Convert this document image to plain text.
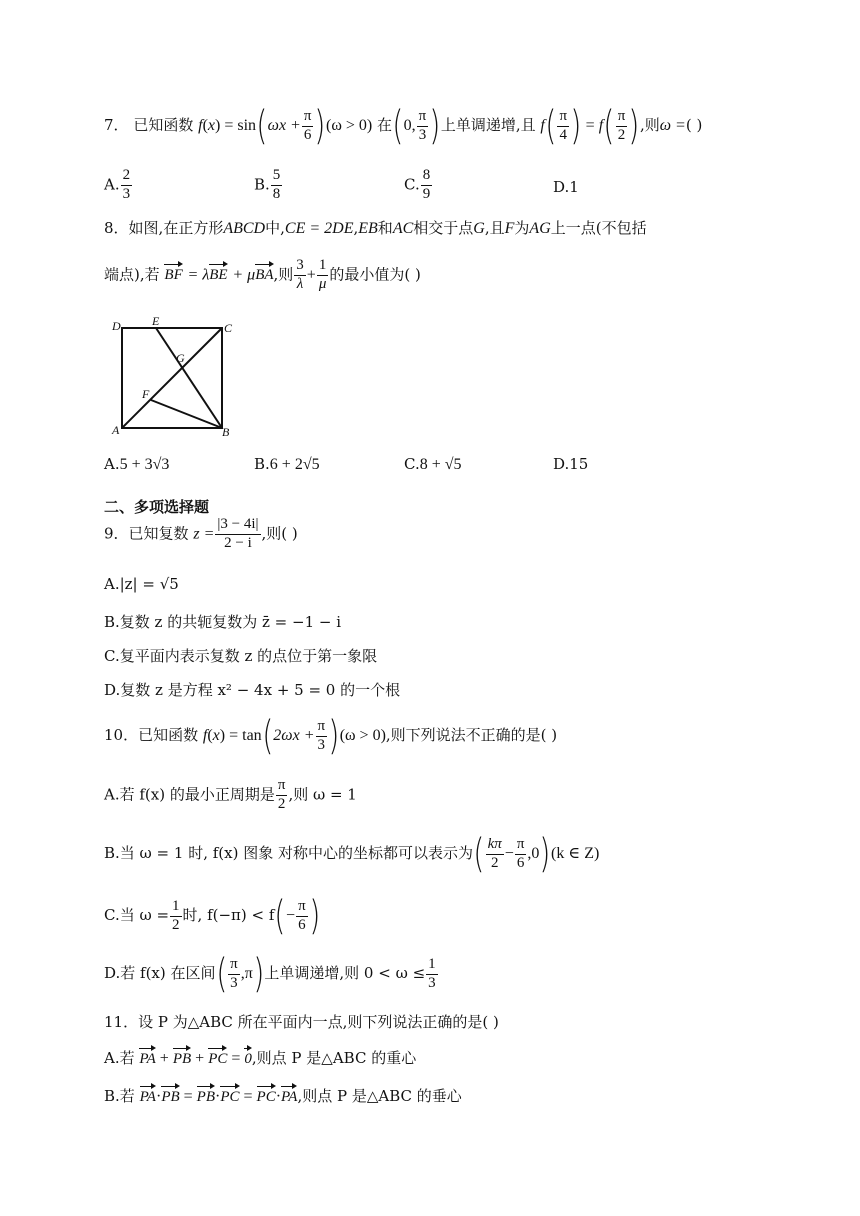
7． 已知函数 $f(x) = \sin(\omega x + \frac{\pi}{6} )(\omega > 0)$ 在(0, $\frac{\pi}{3}$ )上单调递增,且 $f( \frac{\pi}{4}$ ) = $f( \frac{\pi}{2}$ ),则ω =( )
A. $\frac{2}{3}$	B. $\frac{5}{8}$	C. $\frac{8}{9}$	D.1
8．如图,在正方形ABCD中,CE = 2DE,EB和AC相交于点G,且F为AG上一点(不包括
端点),若 BF = λBE + μBA,则 $\frac{3}{\lambda} + \frac{1}{\mu}$ 的最小值为( )
D	E	C
G
F
A	B
A.5 + 3√3	B.6 + 2√5	C.8 + √5	D.15
二、多项选择题
9．已知复数 $z = \frac{|3 - 4i|}{2 - i}$ ,则( )
A.|z| = √5
B.复数 z 的共轭复数为 z̄ = −1 − i
C.复平面内表示复数 z 的点位于第一象限
D.复数 z 是方程 x² − 4x + 5 = 0 的一个根
10．已知函数 $f(x) = \tan(2\omega x + \frac{\pi}{3} )(\omega > 0)$,则下列说法不正确的是( )
A.若 f(x) 的最小正周期是 $\frac{\pi}{2}$ ,则 ω = 1
B.当 ω = 1 时, f(x) 图象 对称中心的坐标都可以表示为( $\frac{k\pi}{2} - \frac{\pi}{6} ,0)(k$ ∈ Z)
C.当 $\omega = \frac{1}{2}$ 时, $f(-\pi) < f(- \frac{\pi}{6}$ )
D.若 f(x) 在区间( $\frac{\pi}{3} ,\pi$)上单调递增,则 $0 < \omega \le \frac{1}{3}$
11．设 P 为△ABC 所在平面内一点,则下列说法正确的是( )
A.若 PA + PB + PC = 0,则点 P 是△ABC 的重心
B.若 PA·PB = PB·PC = PC·PA,则点 P 是△ABC 的垂心
